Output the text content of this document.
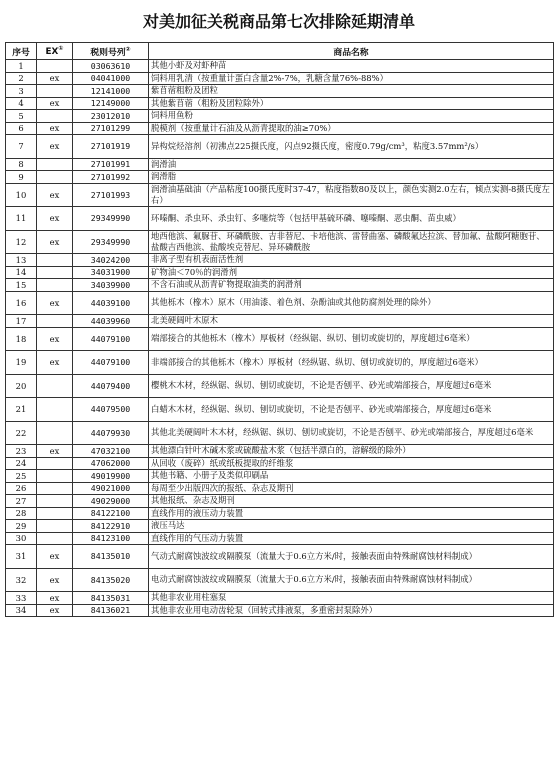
对美加征关税商品第七次排除延期清单
序号	EX①	税则号列②	商品名称
1		03063610	其他小虾及对虾种苗
2	ex	04041000	饲料用乳清（按重量计蛋白含量2%-7%，乳糖含量76%-88%）
3		12141000	紫苜蓿粗粉及团粒
4	ex	12149000	其他紫苜蓿（粗粉及团粒除外）
5		23012010	饲料用鱼粉
6	ex	27101299	脱模剂（按重量计石油及从沥青提取的油≥70%）
7	ex	27101919	异构烷烃溶剂（初沸点225摄氏度，闪点92摄氏度，密度0.79g/cm³，粘度3.57mm²/s）
8		27101991	润滑油
9		27101992	润滑脂
10	ex	27101993	润滑油基础油（产品粘度100摄氏度时37-47，粘度指数80及以上，颜色实测2.0左右，倾点实测-8摄氏度左右）
11	ex	29349990	环嗪酮、杀虫环、杀虫钉、多噻烷等（包括甲基硫环磷、噻嗪酮、恶虫酮、苗虫威）
12	ex	29349990	地西他滨、氟脲苷、环磷酰胺、吉非替尼、卡培他滨、雷替曲塞、磷酸氟达拉滨、替加氟、盐酸阿糖胞苷、盐酸吉西他滨、盐酸埃克替尼、异环磷酰胺
13		34024200	非离子型有机表面活性剂
14		34031900	矿物油＜70％的润滑剂
15		34039900	不含石油或从沥青矿物提取油类的润滑剂
16	ex	44039100	其他栎木（橡木）原木（用油漆、着色剂、杂酚油或其他防腐剂处理的除外）
17		44039960	北美硬阔叶木原木
18	ex	44079100	端部接合的其他栎木（橡木）厚板材（经纵锯、纵切、刨切或旋切的，厚度超过6毫米）
19	ex	44079100	非端部接合的其他栎木（橡木）厚板材（经纵锯、纵切、刨切或旋切的，厚度超过6毫米）
20		44079400	樱桃木木材，经纵锯、纵切、刨切或旋切，不论是否刨平、砂光或端部接合，厚度超过6毫米
21		44079500	白蜡木木材，经纵锯、纵切、刨切或旋切，不论是否刨平、砂光或端部接合，厚度超过6毫米
22		44079930	其他北美硬阔叶木木材，经纵锯、纵切、刨切或旋切，不论是否刨平、砂光或端部接合，厚度超过6毫米
23	ex	47032100	其他漂白针叶木碱木浆或硫酸盐木浆（包括半漂白的，溶解级的除外）
24		47062000	从回收（废碎）纸或纸板提取的纤维浆
25		49019900	其他书籍、小册子及类似印刷品
26		49021000	每周至少出版四次的报纸、杂志及期刊
27		49029000	其他报纸、杂志及期刊
28		84122100	直线作用的液压动力装置
29		84122910	液压马达
30		84123100	直线作用的气压动力装置
31	ex	84135010	气动式耐腐蚀波纹或隔膜泵（流量大于0.6立方米/时，接触表面由特殊耐腐蚀材料制成）
32	ex	84135020	电动式耐腐蚀波纹或隔膜泵（流量大于0.6立方米/时，接触表面由特殊耐腐蚀材料制成）
33	ex	84135031	其他非农业用柱塞泵
34	ex	84136021	其他非农业用电动齿轮泵（回转式排液泵，多重密封泵除外）
